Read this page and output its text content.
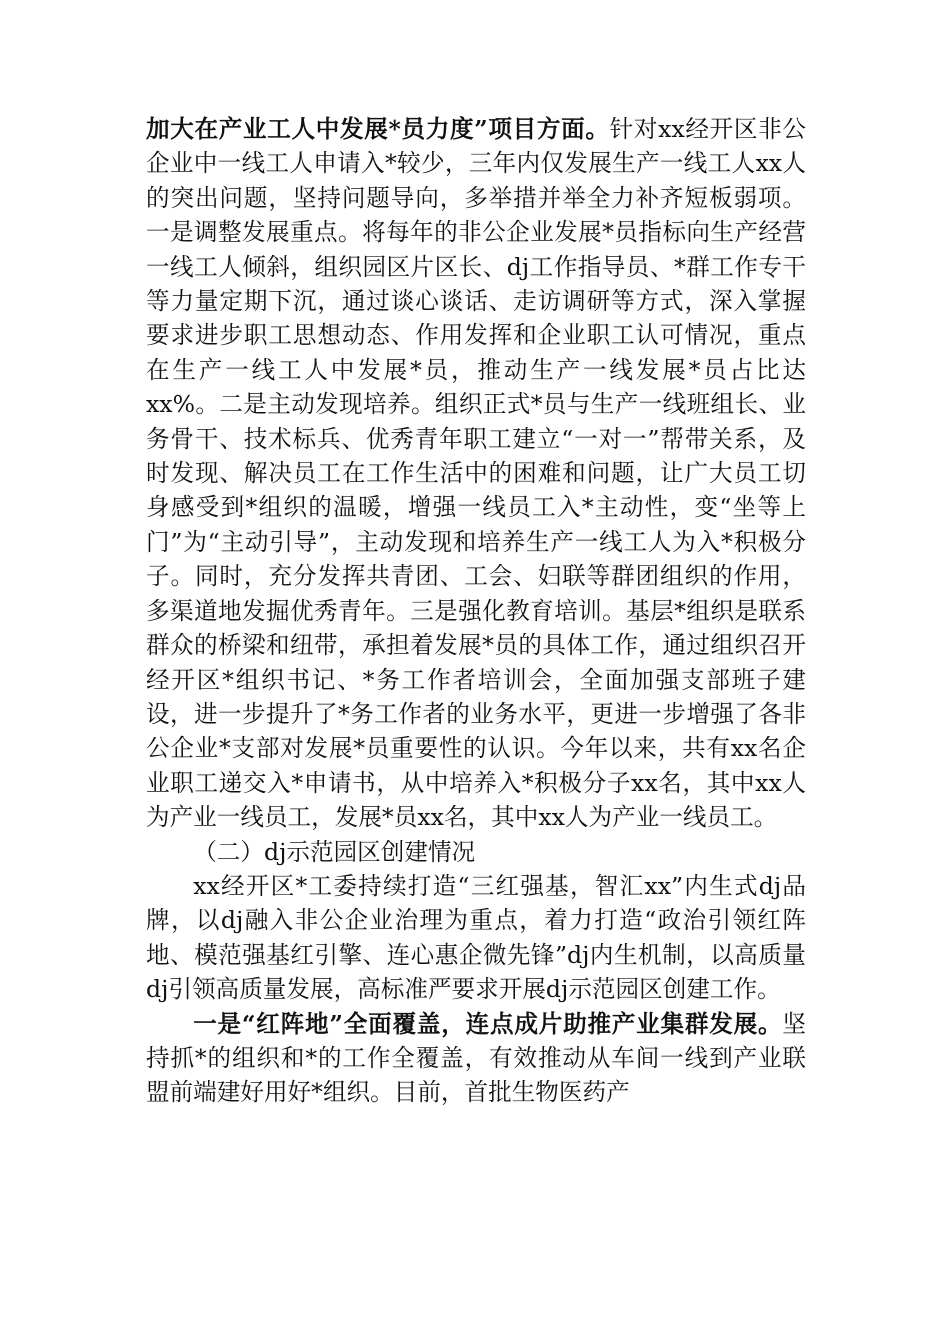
加大在产业工人中发展*员力度”项目方面。针对xx经开区非公企业中一线工人申请入*较少，三年内仅发展生产一线工人xx人的突出问题，坚持问题导向，多举措并举全力补齐短板弱项。一是调整发展重点。将每年的非公企业发展*员指标向生产经营一线工人倾斜，组织园区片区长、dj工作指导员、*群工作专干等力量定期下沉，通过谈心谈话、走访调研等方式，深入掌握要求进步职工思想动态、作用发挥和企业职工认可情况，重点在生产一线工人中发展*员，推动生产一线发展*员占比达xx%。二是主动发现培养。组织正式*员与生产一线班组长、业务骨干、技术标兵、优秀青年职工建立“一对一”帮带关系，及时发现、解决员工在工作生活中的困难和问题，让广大员工切身感受到*组织的温暖，增强一线员工入*主动性，变“坐等上门”为“主动引导”，主动发现和培养生产一线工人为入*积极分子。同时，充分发挥共青团、工会、妇联等群团组织的作用，多渠道地发掘优秀青年。三是强化教育培训。基层*组织是联系群众的桥梁和纽带，承担着发展*员的具体工作，通过组织召开经开区*组织书记、*务工作者培训会，全面加强支部班子建设，进一步提升了*务工作者的业务水平，更进一步增强了各非公企业*支部对发展*员重要性的认识。今年以来，共有xx名企业职工递交入*申请书，从中培养入*积极分子xx名，其中xx人为产业一线员工，发展*员xx名，其中xx人为产业一线员工。

（二）dj示范园区创建情况

xx经开区*工委持续打造“三红强基，智汇xx”内生式dj品牌，以dj融入非公企业治理为重点，着力打造“政治引领红阵地、模范强基红引擎、连心惠企微先锋”dj内生机制，以高质量dj引领高质量发展，高标准严要求开展dj示范园区创建工作。

一是“红阵地”全面覆盖，连点成片助推产业集群发展。坚持抓*的组织和*的工作全覆盖，有效推动从车间一线到产业联盟前端建好用好*组织。目前，首批生物医药产
